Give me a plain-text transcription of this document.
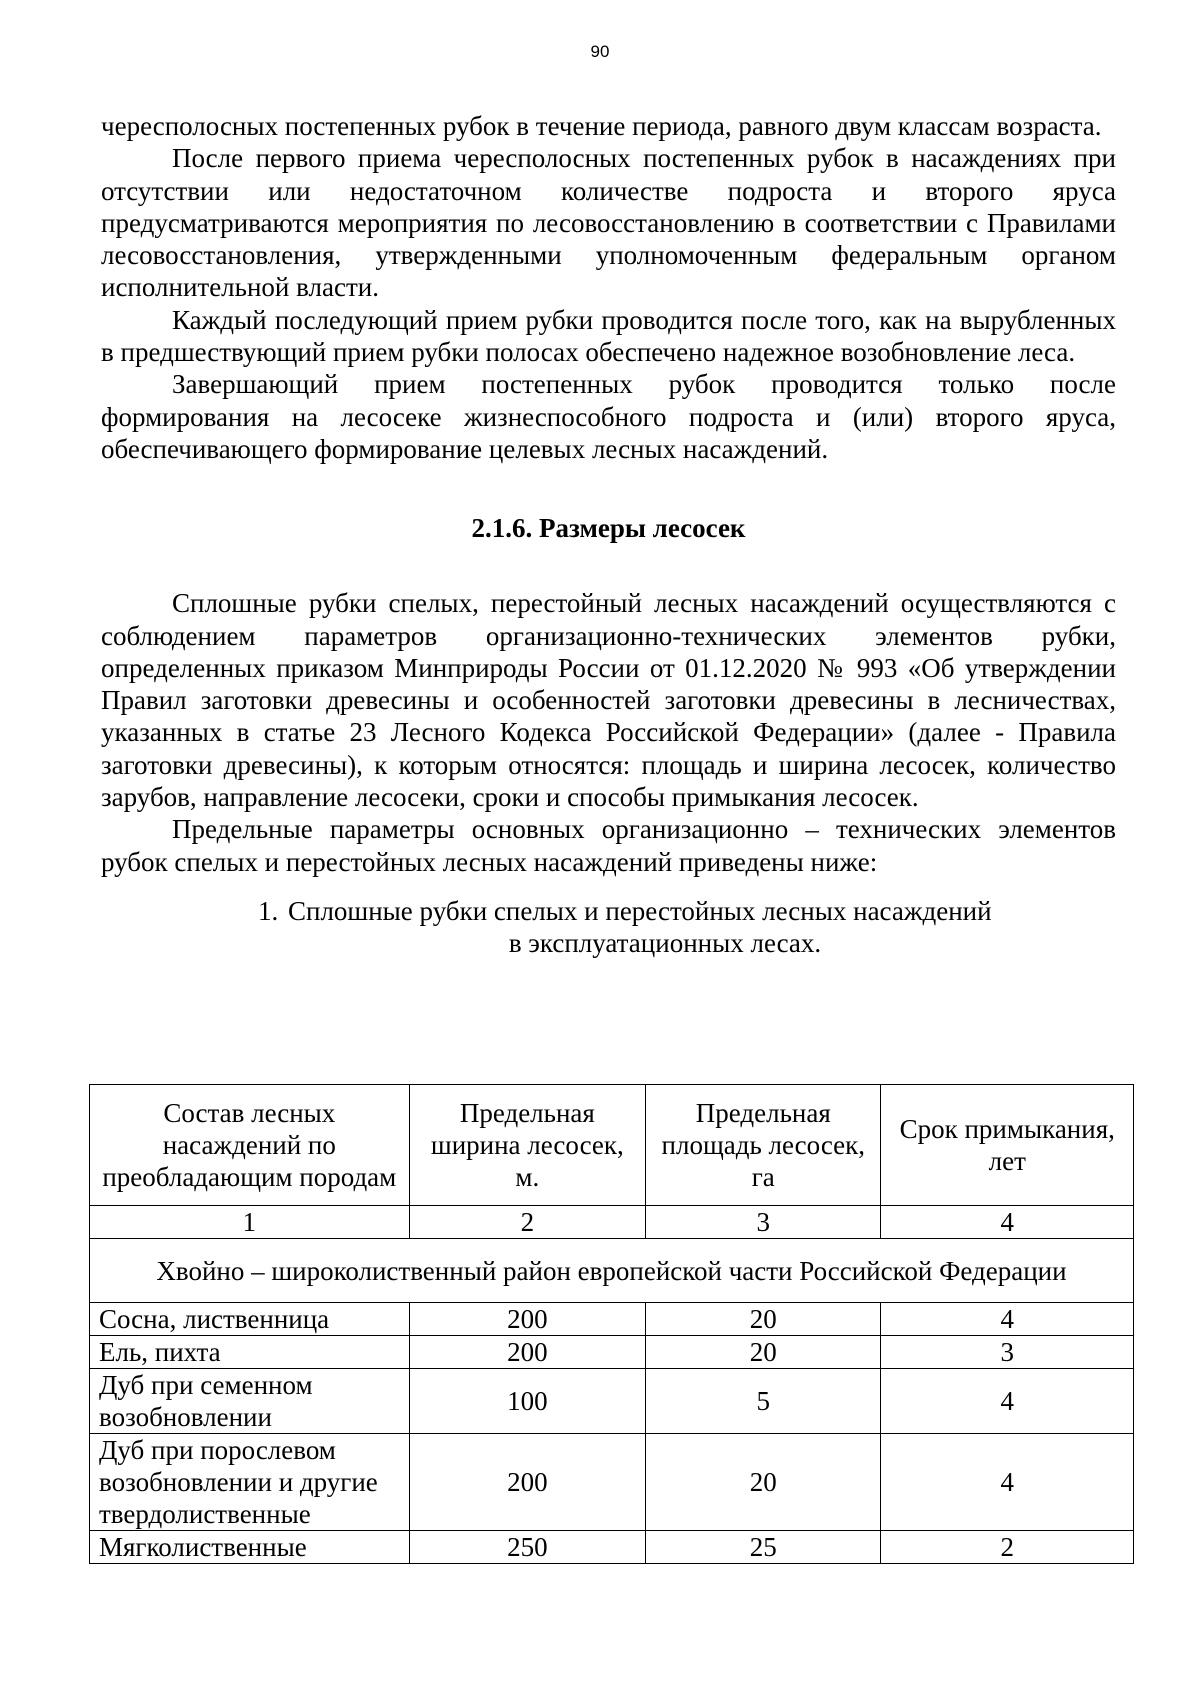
90

чересполосных постепенных рубок в течение периода, равного двум классам возраста.

После первого приема чересполосных постепенных рубок в насаждениях при отсутствии или недостаточном количестве подроста и второго яруса предусматриваются мероприятия по лесовосстановлению в соответствии с Правилами лесовосстановления, утвержденными уполномоченным федеральным органом исполнительной власти.

Каждый последующий прием рубки проводится после того, как на вырубленных в предшествующий прием рубки полосах обеспечено надежное возобновление леса.

Завершающий прием постепенных рубок проводится только после формирования на лесосеке жизнеспособного подроста и (или) второго яруса, обеспечивающего формирование целевых лесных насаждений.

2.1.6. Размеры лесосек

Сплошные рубки спелых, перестойный лесных насаждений осуществляются с соблюдением параметров организационно-технических элементов рубки, определенных приказом Минприроды России от 01.12.2020 № 993 «Об утверждении Правил заготовки древесины и особенностей заготовки древесины в лесничествах, указанных в статье 23 Лесного Кодекса Российской Федерации» (далее - Правила заготовки древесины), к которым относятся: площадь и ширина лесосек, количество зарубов, направление лесосеки, сроки и способы примыкания лесосек.

Предельные параметры основных организационно – технических элементов рубок спелых и перестойных лесных насаждений приведены ниже:

1. Сплошные рубки спелых и перестойных лесных насаждений
в эксплуатационных лесах.
Состав лесных насаждений по преобладающим породам	Предельная ширина лесосек, м.	Предельная площадь лесосек, га	Срок примыкания, лет
1	2	3	4
Хвойно – широколиственный район европейской части Российской Федерации			
Сосна, лиственница	200	20	4
Ель, пихта	200	20	3
Дуб при семенном возобновлении	100	5	4
Дуб при порослевом возобновлении и другие твердолиственные	200	20	4
Мягколиственные	250	25	2
